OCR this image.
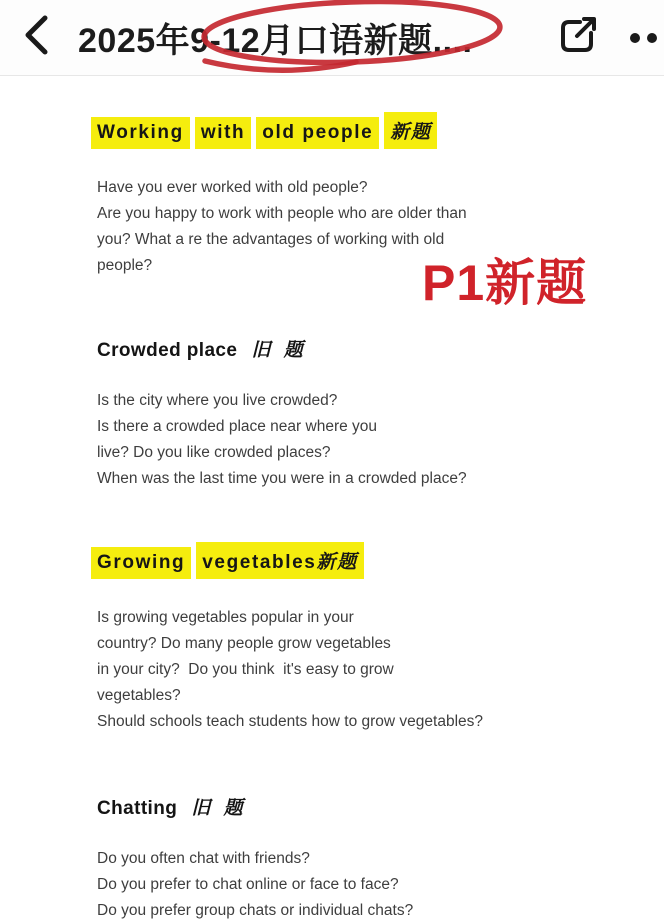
2025年9-12月口语新题....
Working with old people 新题
Have you ever worked with old people?
Are you happy to work with people who are older than
you? What a re the advantages of working with old
people?
Crowded place 旧 题
Is the city where you live crowded?
Is there a crowded place near where you
live? Do you like crowded places?
When was the last time you were in a crowded place?
Growing vegetables新题
Is growing vegetables popular in your
country? Do many people grow vegetables
in your city?  Do you think  it's easy to grow
vegetables?
Should schools teach students how to grow vegetables?
Chatting 旧 题
Do you often chat with friends?
Do you prefer to chat online or face to face?
Do you prefer group chats or individual chats?
P1新题
